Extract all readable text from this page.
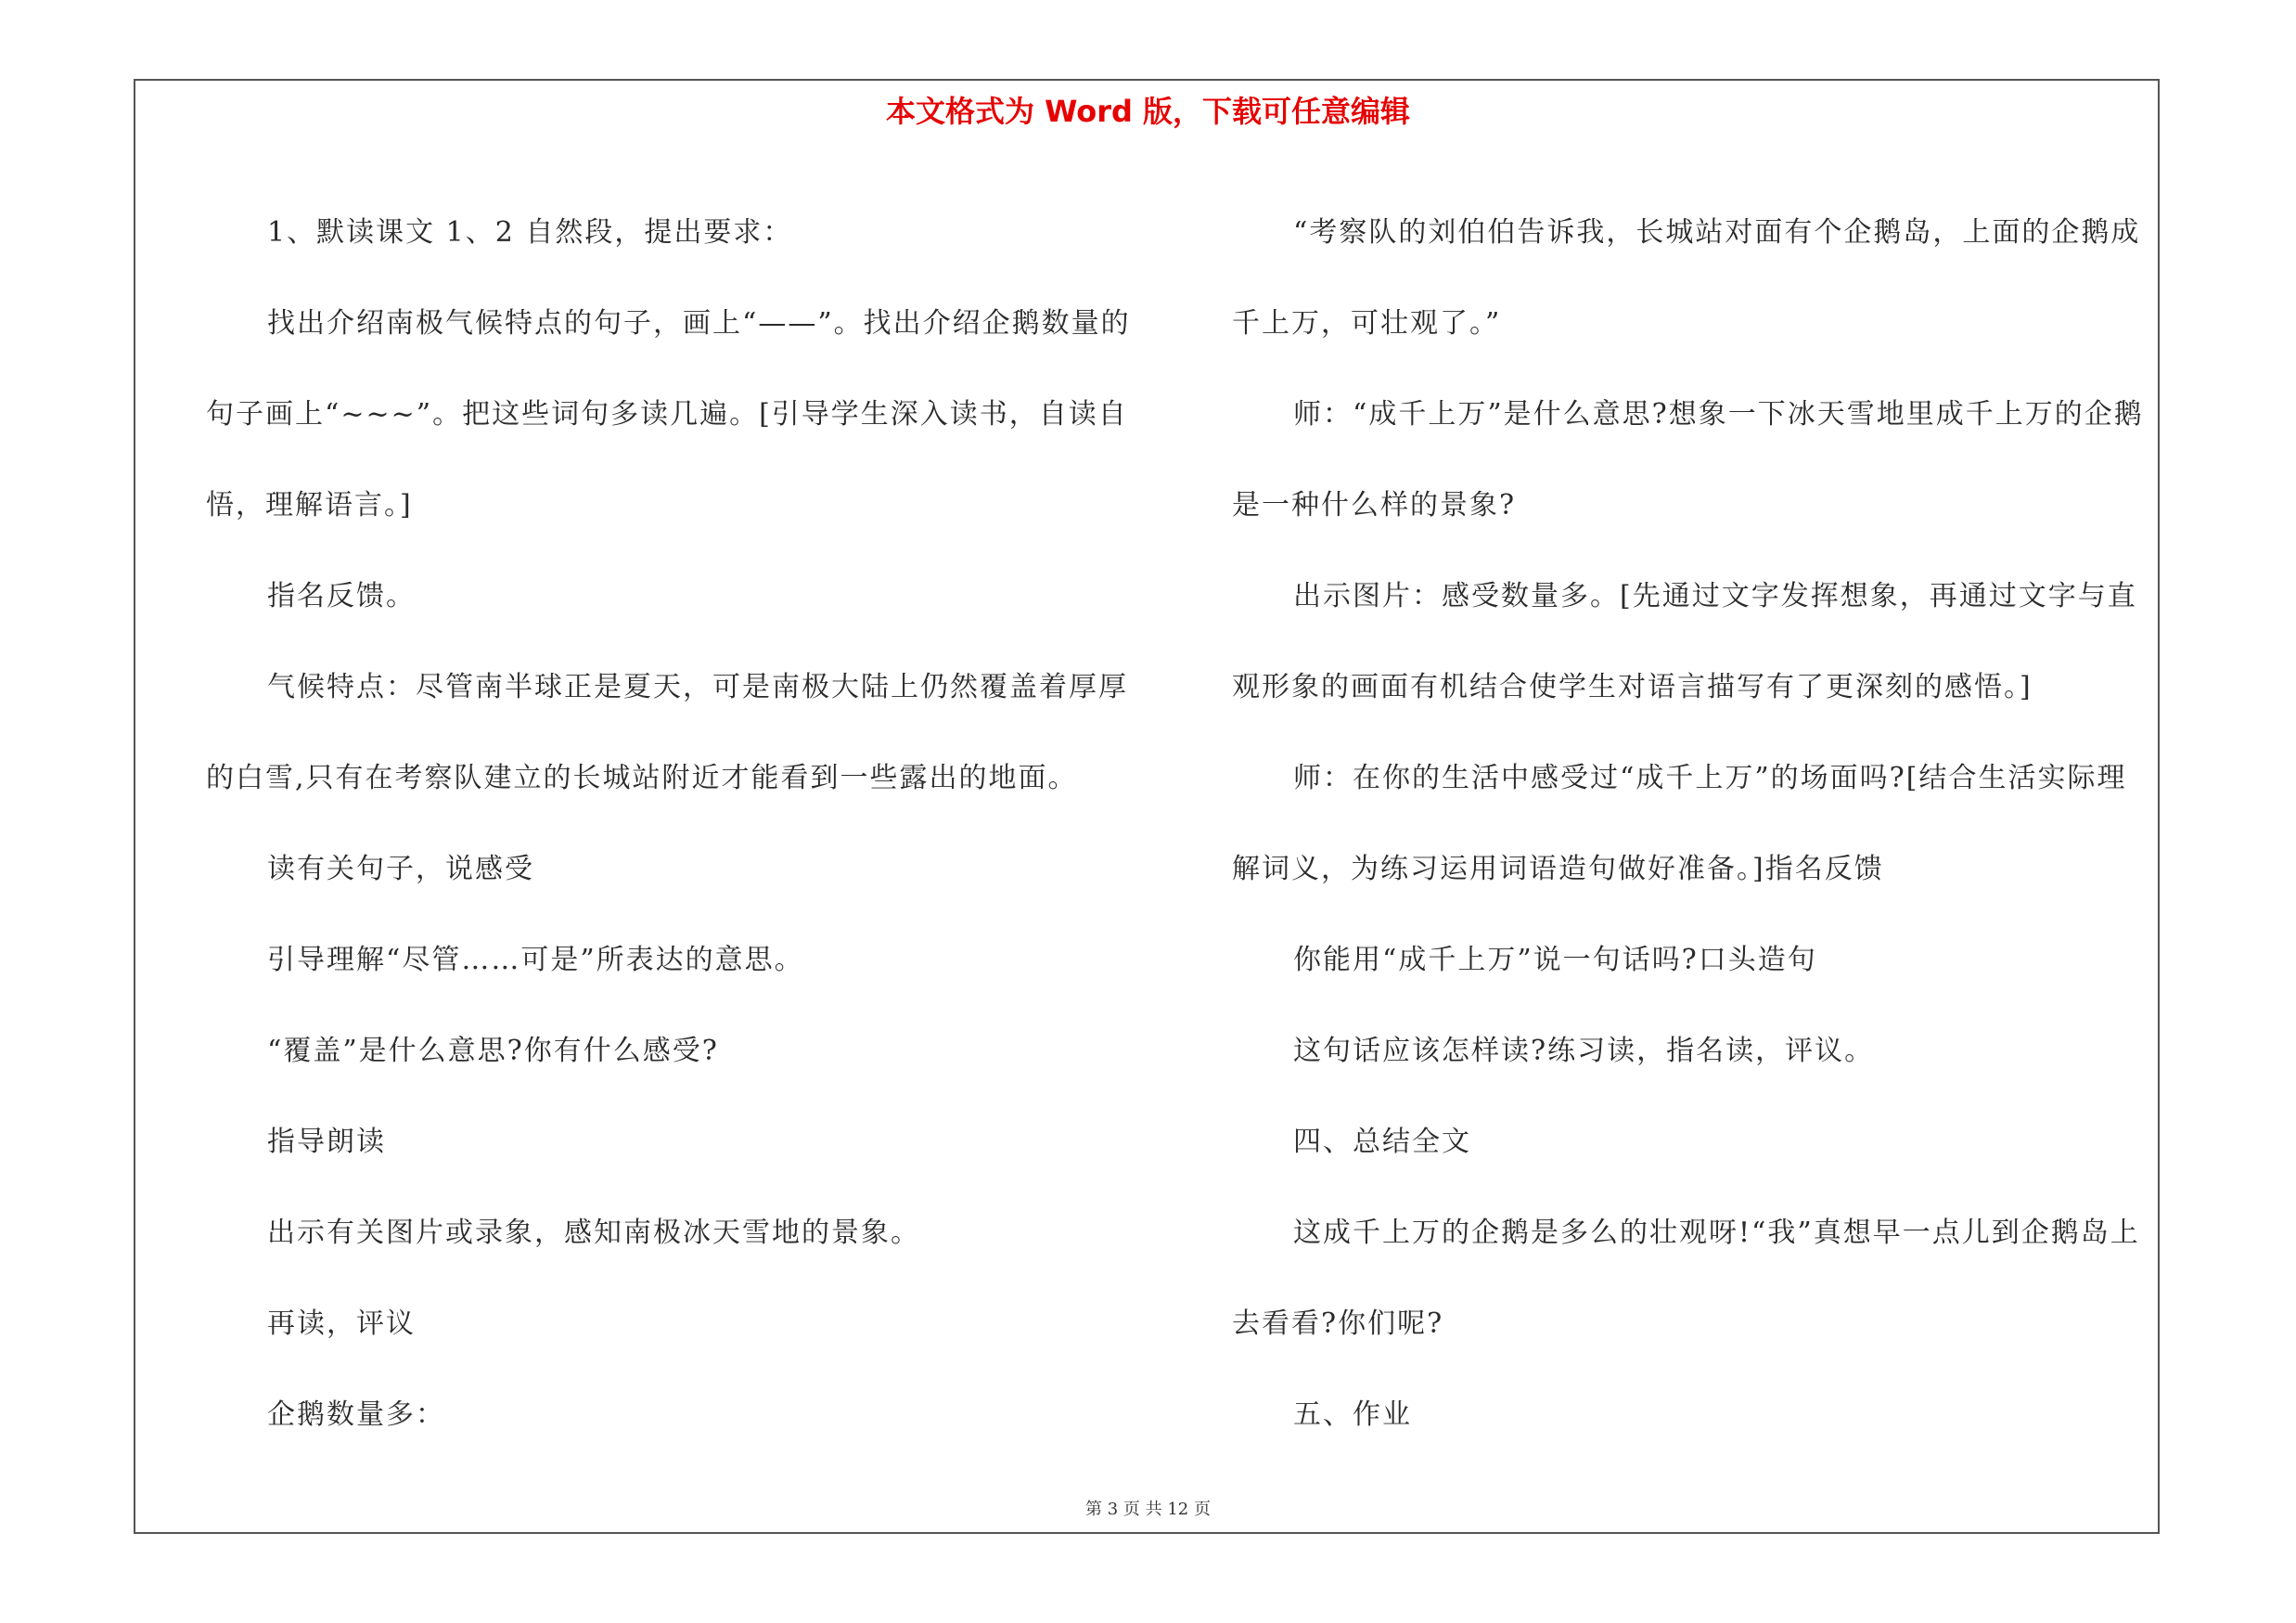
本文格式为 Word 版，下载可任意编辑

1、默读课文 1、2 自然段，提出要求：

找出介绍南极气候特点的句子，画上“——”。找出介绍企鹅数量的句子画上“~~~”。把这些词句多读几遍。[引导学生深入读书，自读自悟，理解语言。]

指名反馈。

气候特点：尽管南半球正是夏天，可是南极大陆上仍然覆盖着厚厚的白雪,只有在考察队建立的长城站附近才能看到一些露出的地面。

读有关句子，说感受

引导理解“尽管……可是”所表达的意思。

“覆盖”是什么意思?你有什么感受?

指导朗读

出示有关图片或录象，感知南极冰天雪地的景象。

再读，评议

企鹅数量多：

“考察队的刘伯伯告诉我，长城站对面有个企鹅岛，上面的企鹅成千上万，可壮观了。”

师：“成千上万”是什么意思?想象一下冰天雪地里成千上万的企鹅是一种什么样的景象?

出示图片：感受数量多。[先通过文字发挥想象，再通过文字与直观形象的画面有机结合使学生对语言描写有了更深刻的感悟。]

师：在你的生活中感受过“成千上万”的场面吗?[结合生活实际理解词义，为练习运用词语造句做好准备。]指名反馈

你能用“成千上万”说一句话吗?口头造句

这句话应该怎样读?练习读，指名读，评议。

四、总结全文

这成千上万的企鹅是多么的壮观呀!“我”真想早一点儿到企鹅岛上去看看?你们呢?

五、作业

第 3 页 共 12 页
